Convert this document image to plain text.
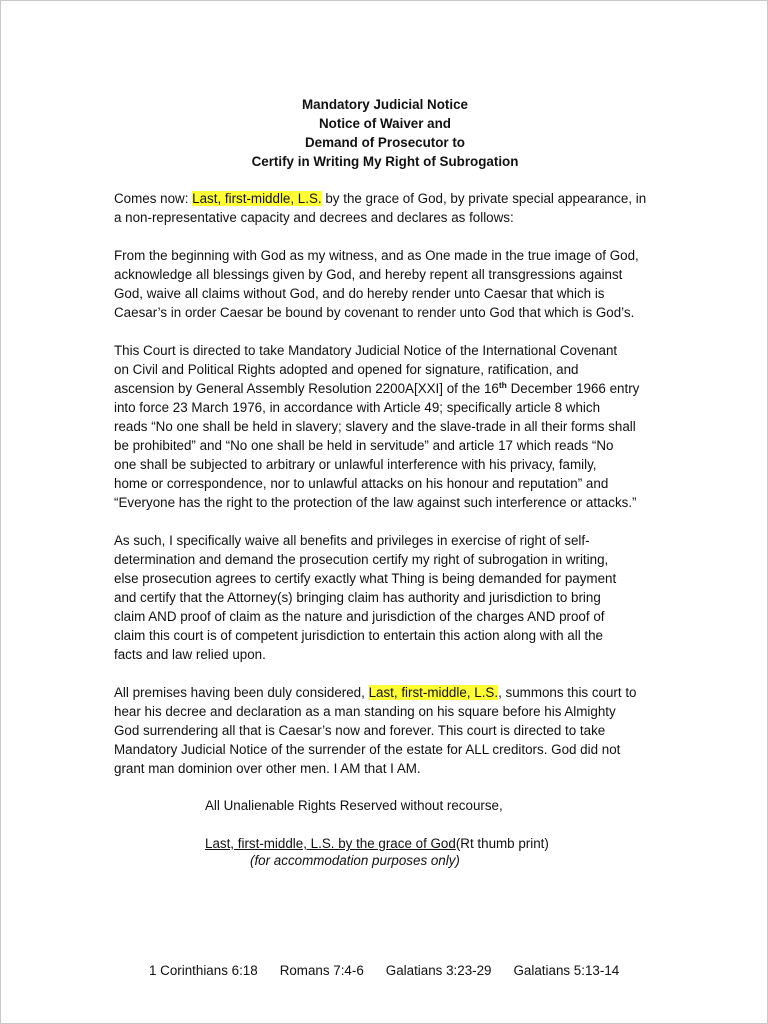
Mandatory Judicial Notice
Notice of Waiver and
Demand of Prosecutor to
Certify in Writing My Right of Subrogation
Comes now: Last, first-middle, L.S. by the grace of God, by private special appearance, in
a non-representative capacity and decrees and declares as follows:
From the beginning with God as my witness, and as One made in the true image of God,
acknowledge all blessings given by God, and hereby repent all transgressions against
God, waive all claims without God, and do hereby render unto Caesar that which is
Caesar’s in order Caesar be bound by covenant to render unto God that which is God’s.
This Court is directed to take Mandatory Judicial Notice of the International Covenant
on Civil and Political Rights adopted and opened for signature, ratification, and
ascension by General Assembly Resolution 2200A[XXI] of the 16th December 1966 entry
into force 23 March 1976, in accordance with Article 49; specifically article 8 which
reads “No one shall be held in slavery; slavery and the slave-trade in all their forms shall
be prohibited” and “No one shall be held in servitude” and article 17 which reads “No
one shall be subjected to arbitrary or unlawful interference with his privacy, family,
home or correspondence, nor to unlawful attacks on his honour and reputation” and
“Everyone has the right to the protection of the law against such interference or attacks.”
As such, I specifically waive all benefits and privileges in exercise of right of self-
determination and demand the prosecution certify my right of subrogation in writing,
else prosecution agrees to certify exactly what Thing is being demanded for payment
and certify that the Attorney(s) bringing claim has authority and jurisdiction to bring
claim AND proof of claim as the nature and jurisdiction of the charges AND proof of
claim this court is of competent jurisdiction to entertain this action along with all the
facts and law relied upon.
All premises having been duly considered, Last, first-middle, L.S., summons this court to
hear his decree and declaration as a man standing on his square before his Almighty
God surrendering all that is Caesar’s now and forever. This court is directed to take
Mandatory Judicial Notice of the surrender of the estate for ALL creditors. God did not
grant man dominion over other men. I AM that I AM.
All Unalienable Rights Reserved without recourse,
Last, first-middle, L.S. by the grace of God(Rt thumb print)
(for accommodation purposes only)
1 Corinthians 6:18 Romans 7:4-6 Galatians 3:23-29 Galatians 5:13-14
